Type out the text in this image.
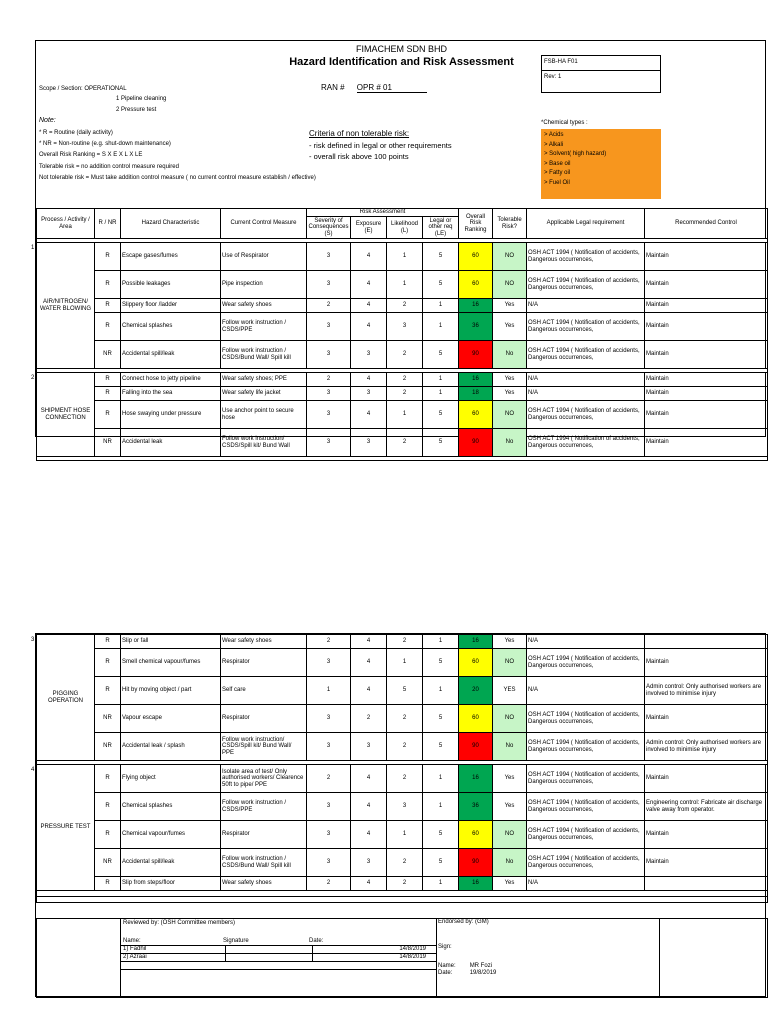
FIMACHEM SDN BHD
Hazard Identification and Risk Assessment	FSB-HA F01
Rev: 1
Scope / Section: OPERATIONAL
1 Pipeline cleaning
2 Pressure test
RAN # OPR # 01
Note:
* R = Routine (daily activity)
* NR = Non-routine (e.g. shut-down maintenance)
Overall Risk Ranking = S X E X L X LE
Tolerable risk = no addition control measure required
Not tolerable risk = Must take addition control measure ( no current control measure establish / effective)
Criteria of non tolerable risk:
- risk defined in legal or other requirements
- overall risk above 100 points
*Chemical types :
> Acids
> Alkali
> Solvent( high hazard)
> Base oil
> Fatty oil
> Fuel Oil
Process / Activity / Area	R / NR	Hazard Characteristic	Current Control Measure	Risk Assessment				Overall Risk Ranking	Tolerable Risk?	Applicable Legal requirement	Recommended Control
				Severity of Consequences (S)	Exposure (E)	Likelihood (L)	Legal or other req (LE)				

1
AIR/NITROGEN/ WATER BLOWING	R	Escape gases/fumes	Use of Respirator	3	4	1	5	60	NO	OSH ACT 1994 ( Notification of accidents, Dangerous occurrences,	Maintain
	R	Possible leakages	Pipe inspection	3	4	1	5	60	NO	OSH ACT 1994 ( Notification of accidents, Dangerous occurrences,	Maintain
	R	Slippery floor /ladder	Wear safety shoes	2	4	2	1	16	Yes	N/A	Maintain
	R	Chemical splashes	Follow work instruction / CSDS/PPE	3	4	3	1	36	Yes	OSH ACT 1994 ( Notification of accidents, Dangerous occurrences,	Maintain
	NR	Accidental spill/leak	Follow work instruction / CSDS/Bund Wall/ Spill kill	3	3	2	5	90	No	OSH ACT 1994 ( Notification of accidents, Dangerous occurrences,	Maintain

2
SHIPMENT HOSE CONNECTION	R	Connect hose to jetty pipeline	Wear safety shoes; PPE	2	4	2	1	16	Yes	N/A	Maintain
	R	Falling into the sea	Wear safety life jacket	3	3	2	1	18	Yes	N/A	Maintain
	R	Hose swaying under pressure	Use anchor point to secure hose	3	4	1	5	60	NO	OSH ACT 1994 ( Notification of accidents, Dangerous occurrences,	Maintain
	NR	Accidental leak	Follow work instruction/ CSDS/Spill kit/ Bund Wall	3	3	2	5	90	No	OSH ACT 1994 ( Notification of accidents, Dangerous occurrences,	Maintain

3
PIGGING OPERATION	R	Slip or fall	Wear safety shoes	2	4	2	1	16	Yes	N/A	
	R	Smell chemical vapour/fumes	Respirator	3	4	1	5	60	NO	OSH ACT 1994 ( Notification of accidents, Dangerous occurrences,	Maintain
	R	Hit by moving object / part	Self care	1	4	5	1	20	YES	N/A	Admin control: Only authorised workers are involved to minimise injury
	NR	Vapour escape	Respirator	3	2	2	5	60	NO	OSH ACT 1994 ( Notification of accidents, Dangerous occurrences,	Maintain
	NR	Accidental leak / splash	Follow work instruction/ CSDS/Spill kit/ Bund Wall/ PPE	3	3	2	5	90	No	OSH ACT 1994 ( Notification of accidents, Dangerous occurrences,	Admin control: Only authorised workers are involved to minimise injury

4
PRESSURE TEST	R	Flying object	Isolate area of test/ Only authorised workers/ Clearence 50ft to pipe/ PPE	2	4	2	1	16	Yes	OSH ACT 1994 ( Notification of accidents, Dangerous occurrences,	Maintain
	R	Chemical splashes	Follow work instruction / CSDS/PPE	3	4	3	1	36	Yes	OSH ACT 1994 ( Notification of accidents, Dangerous occurrences,	Engineering control: Fabricate air discharge valve away from operator.
	R	Chemical vapour/fumes	Respirator	3	4	1	5	60	NO	OSH ACT 1994 ( Notification of accidents, Dangerous occurrences,	Maintain
	NR	Accidental spill/leak	Follow work instruction / CSDS/Bund Wall/ Spill kill	3	3	2	5	90	No	OSH ACT 1994 ( Notification of accidents, Dangerous occurrences,	Maintain
	R	Slip from steps/floor	Wear safety shoes	2	4	2	1	16	Yes	N/A	

Reviewed by: (OSH Committee members)
Name:	Signature	Date:
1) Fadhil	14/8/2019
2) Azraai	14/8/2019

Endorsed by: (GM)
Sign:
Name: MR Fozi
Date:	19/8/2019
